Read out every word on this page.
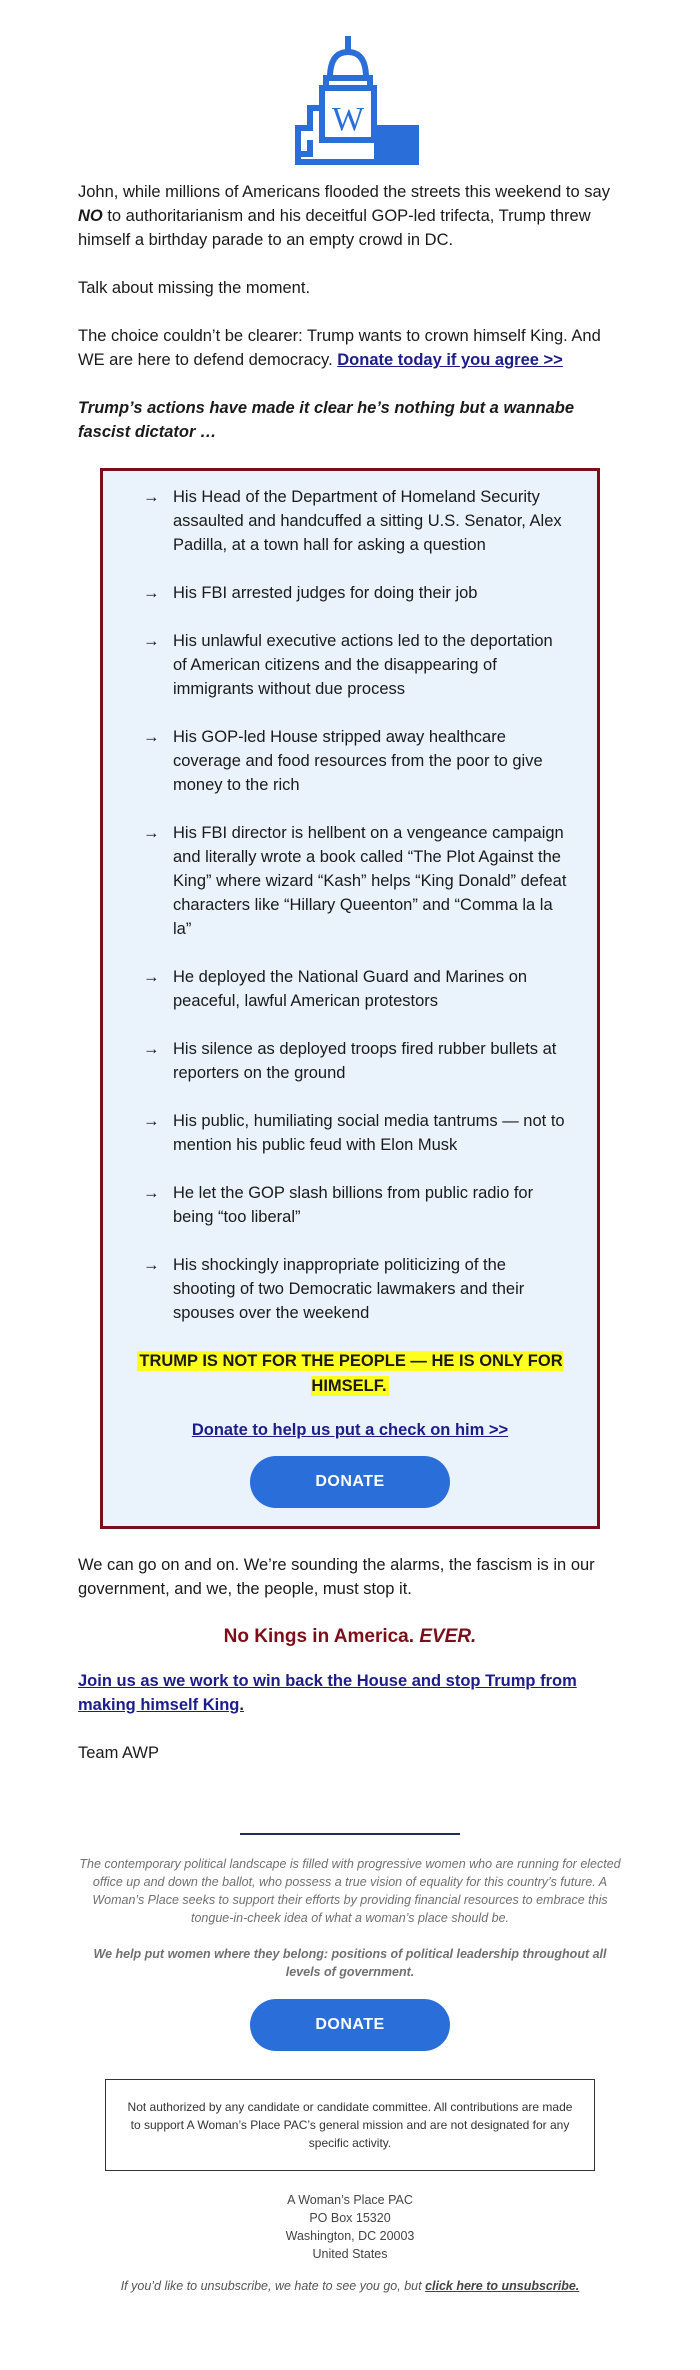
W

John, while millions of Americans flooded the streets this weekend to say NO to authoritarianism and his deceitful GOP-led trifecta, Trump threw himself a birthday parade to an empty crowd in DC.

Talk about missing the moment.

The choice couldn’t be clearer: Trump wants to crown himself King. And WE are here to defend democracy. Donate today if you agree >>

Trump’s actions have made it clear he’s nothing but a wannabe fascist dictator …
→ His Head of the Department of Homeland Security assaulted and handcuffed a sitting U.S. Senator, Alex Padilla, at a town hall for asking a question
→ His FBI arrested judges for doing their job
→ His unlawful executive actions led to the deportation of American citizens and the disappearing of immigrants without due process
→ His GOP-led House stripped away healthcare coverage and food resources from the poor to give money to the rich
→ His FBI director is hellbent on a vengeance campaign and literally wrote a book called “The Plot Against the King” where wizard “Kash” helps “King Donald” defeat characters like “Hillary Queenton” and “Comma la la la”
→ He deployed the National Guard and Marines on peaceful, lawful American protestors
→ His silence as deployed troops fired rubber bullets at reporters on the ground
→ His public, humiliating social media tantrums — not to mention his public feud with Elon Musk
→ He let the GOP slash billions from public radio for being “too liberal”
→ His shockingly inappropriate politicizing of the shooting of two Democratic lawmakers and their spouses over the weekend
TRUMP IS NOT FOR THE PEOPLE — HE IS ONLY FOR HIMSELF.
Donate to help us put a check on him >>
DONATE

We can go on and on. We’re sounding the alarms, the fascism is in our government, and we, the people, must stop it.

No Kings in America. EVER.

Join us as we work to win back the House and stop Trump from making himself King.

Team AWP

The contemporary political landscape is filled with progressive women who are running for elected office up and down the ballot, who possess a true vision of equality for this country’s future. A Woman’s Place seeks to support their efforts by providing financial resources to embrace this tongue-in-cheek idea of what a woman’s place should be.
We help put women where they belong: positions of political leadership throughout all levels of government.
DONATE
Not authorized by any candidate or candidate committee. All contributions are made to support A Woman’s Place PAC’s general mission and are not designated for any specific activity.
A Woman’s Place PAC
PO Box 15320
Washington, DC 20003
United States
If you’d like to unsubscribe, we hate to see you go, but click here to unsubscribe.
